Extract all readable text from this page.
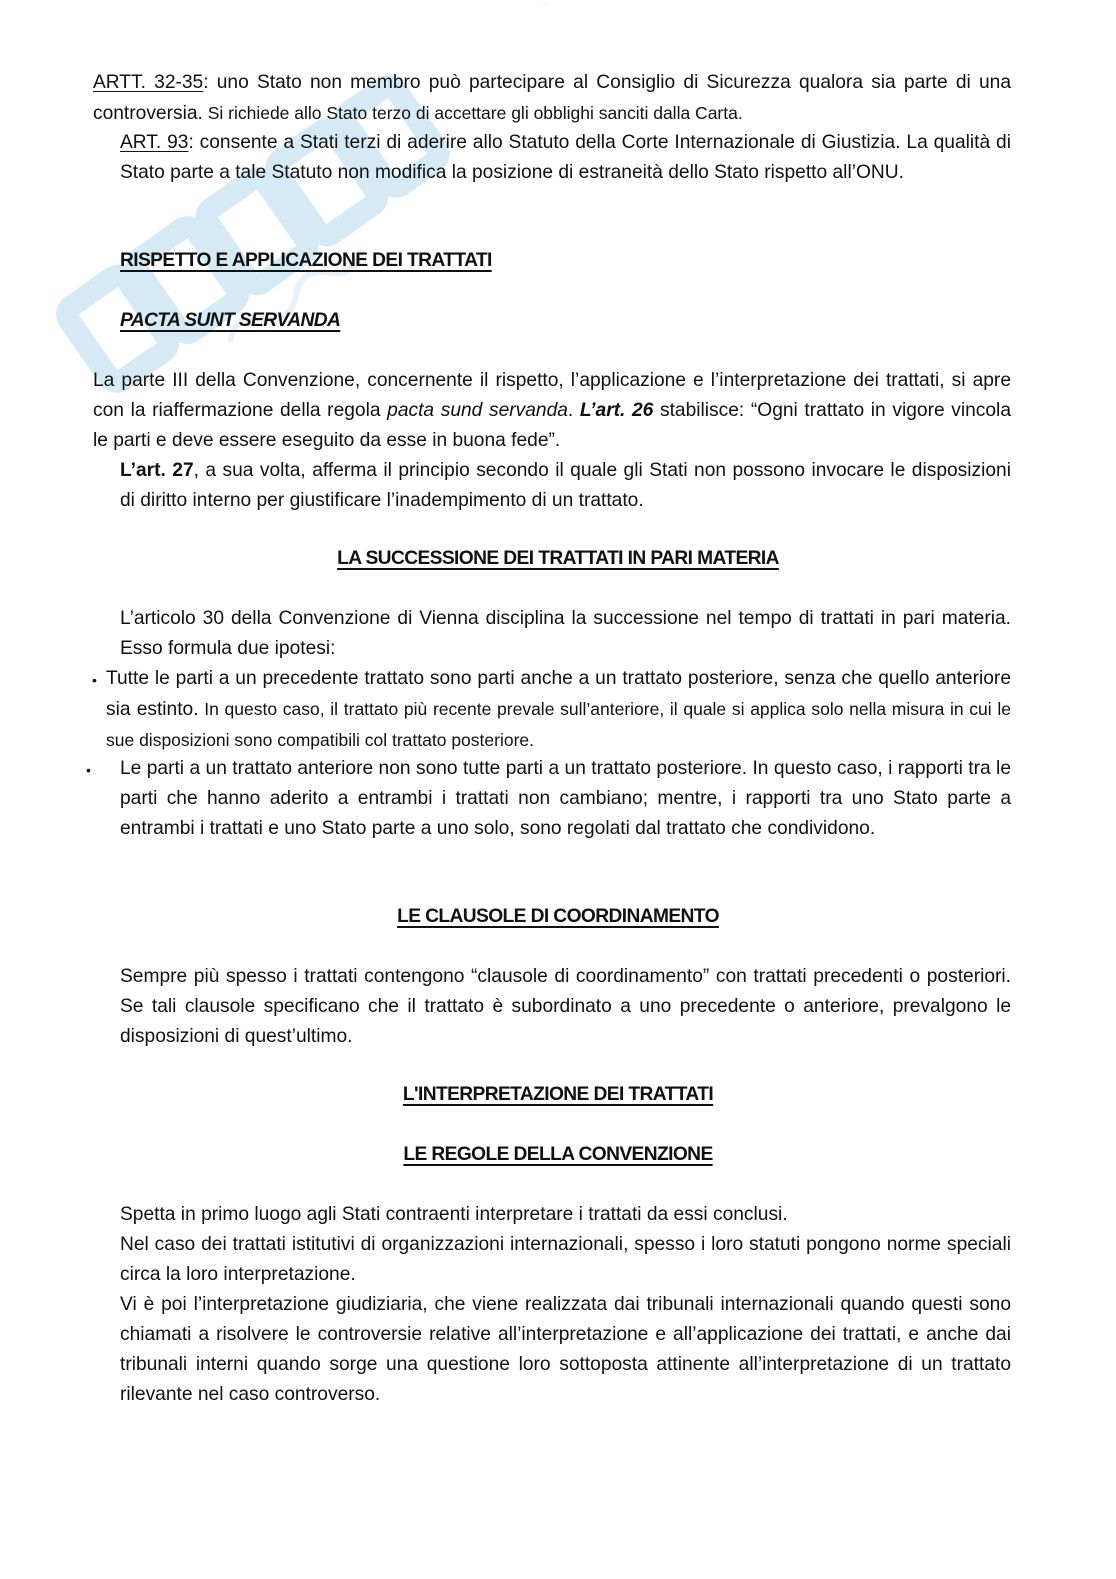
· · ·

ARTT. 32-35: uno Stato non membro può partecipare al Consiglio di Sicurezza qualora sia parte di una controversia. Si richiede allo Stato terzo di accettare gli obblighi sanciti dalla Carta.

ART. 93: consente a Stati terzi di aderire allo Statuto della Corte Internazionale di Giustizia. La qualità di Stato parte a tale Statuto non modifica la posizione di estraneità dello Stato rispetto all’ONU.

RISPETTO E APPLICAZIONE DEI TRATTATI

PACTA SUNT SERVANDA

La parte III della Convenzione, concernente il rispetto, l’applicazione e l’interpretazione dei trattati, si apre con la riaffermazione della regola pacta sund servanda. L’art. 26 stabilisce: “Ogni trattato in vigore vincola le parti e deve essere eseguito da esse in buona fede”.

L’art. 27, a sua volta, afferma il principio secondo il quale gli Stati non possono invocare le disposizioni di diritto interno per giustificare l’inadempimento di un trattato.

LA SUCCESSIONE DEI TRATTATI IN PARI MATERIA

L’articolo 30 della Convenzione di Vienna disciplina la successione nel tempo di trattati in pari materia. Esso formula due ipotesi:

• Tutte le parti a un precedente trattato sono parti anche a un trattato posteriore, senza che quello anteriore sia estinto. In questo caso, il trattato più recente prevale sull’anteriore, il quale si applica solo nella misura in cui le sue disposizioni sono compatibili col trattato posteriore.

• Le parti a un trattato anteriore non sono tutte parti a un trattato posteriore. In questo caso, i rapporti tra le parti che hanno aderito a entrambi i trattati non cambiano; mentre, i rapporti tra uno Stato parte a entrambi i trattati e uno Stato parte a uno solo, sono regolati dal trattato che condividono.

LE CLAUSOLE DI COORDINAMENTO

Sempre più spesso i trattati contengono “clausole di coordinamento” con trattati precedenti o posteriori. Se tali clausole specificano che il trattato è subordinato a uno precedente o anteriore, prevalgono le disposizioni di quest’ultimo.

L'INTERPRETAZIONE DEI TRATTATI

LE REGOLE DELLA CONVENZIONE

Spetta in primo luogo agli Stati contraenti interpretare i trattati da essi conclusi.

Nel caso dei trattati istitutivi di organizzazioni internazionali, spesso i loro statuti pongono norme speciali circa la loro interpretazione.

Vi è poi l’interpretazione giudiziaria, che viene realizzata dai tribunali internazionali quando questi sono chiamati a risolvere le controversie relative all’interpretazione e all’applicazione dei trattati, e anche dai tribunali interni quando sorge una questione loro sottoposta attinente all’interpretazione di un trattato rilevante nel caso controverso.
